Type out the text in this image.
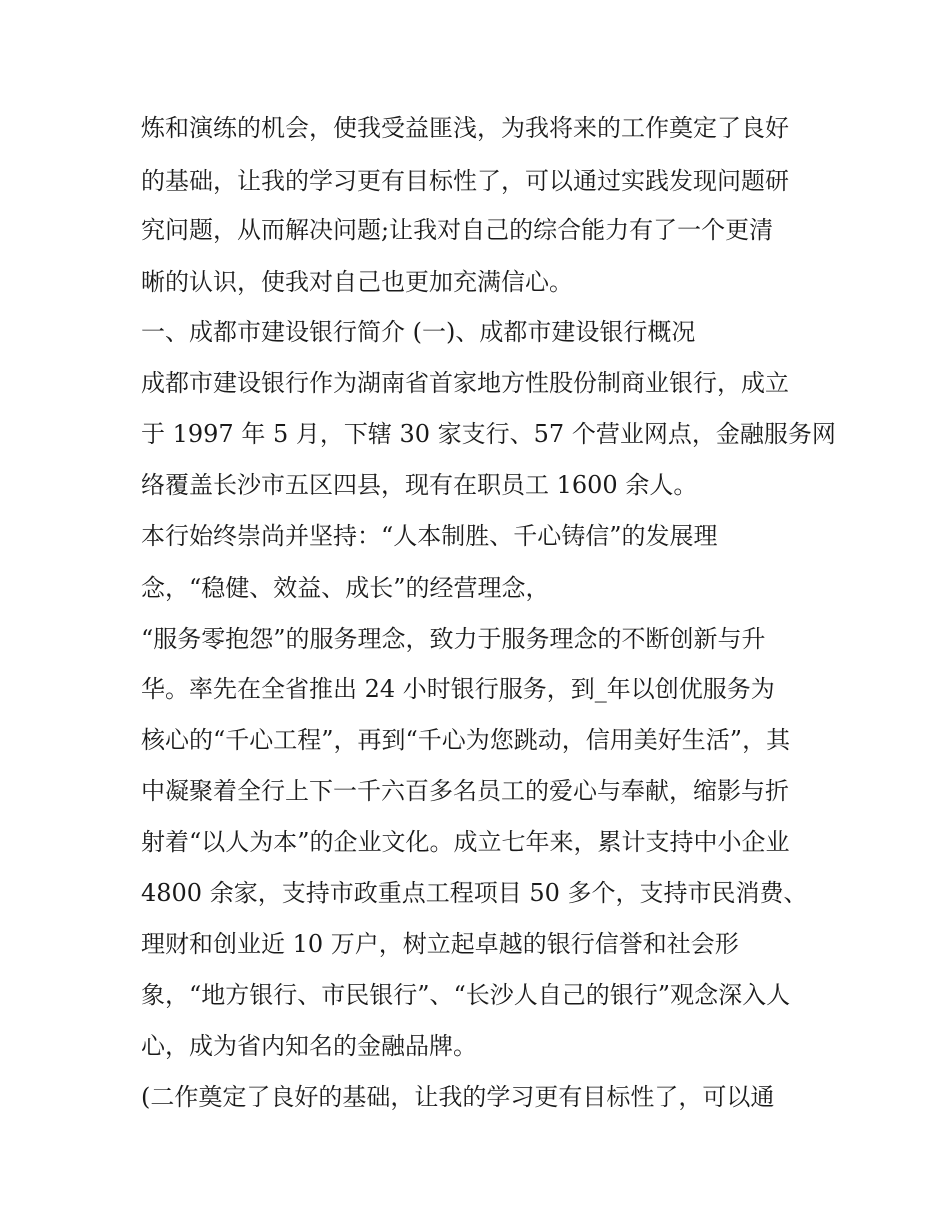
炼和演练的机会，使我受益匪浅，为我将来的工作奠定了良好
的基础，让我的学习更有目标性了，可以通过实践发现问题研
究问题，从而解决问题;让我对自己的综合能力有了一个更清
晰的认识，使我对自己也更加充满信心。
一、成都市建设银行简介 (一)、成都市建设银行概况
成都市建设银行作为湖南省首家地方性股份制商业银行，成立
于 1997 年 5 月，下辖 30 家支行、57 个营业网点，金融服务网
络覆盖长沙市五区四县，现有在职员工 1600 余人。
本行始终崇尚并坚持：“人本制胜、千心铸信”的发展理
念，“稳健、效益、成长”的经营理念，
“服务零抱怨”的服务理念，致力于服务理念的不断创新与升
华。率先在全省推出 24 小时银行服务，到_年以创优服务为
核心的“千心工程”，再到“千心为您跳动，信用美好生活”，其
中凝聚着全行上下一千六百多名员工的爱心与奉献，缩影与折
射着“以人为本”的企业文化。成立七年来，累计支持中小企业
4800 余家，支持市政重点工程项目 50 多个，支持市民消费、
理财和创业近 10 万户，树立起卓越的银行信誉和社会形
象，“地方银行、市民银行”、“长沙人自己的银行”观念深入人
心，成为省内知名的金融品牌。
(二作奠定了良好的基础，让我的学习更有目标性了，可以通
